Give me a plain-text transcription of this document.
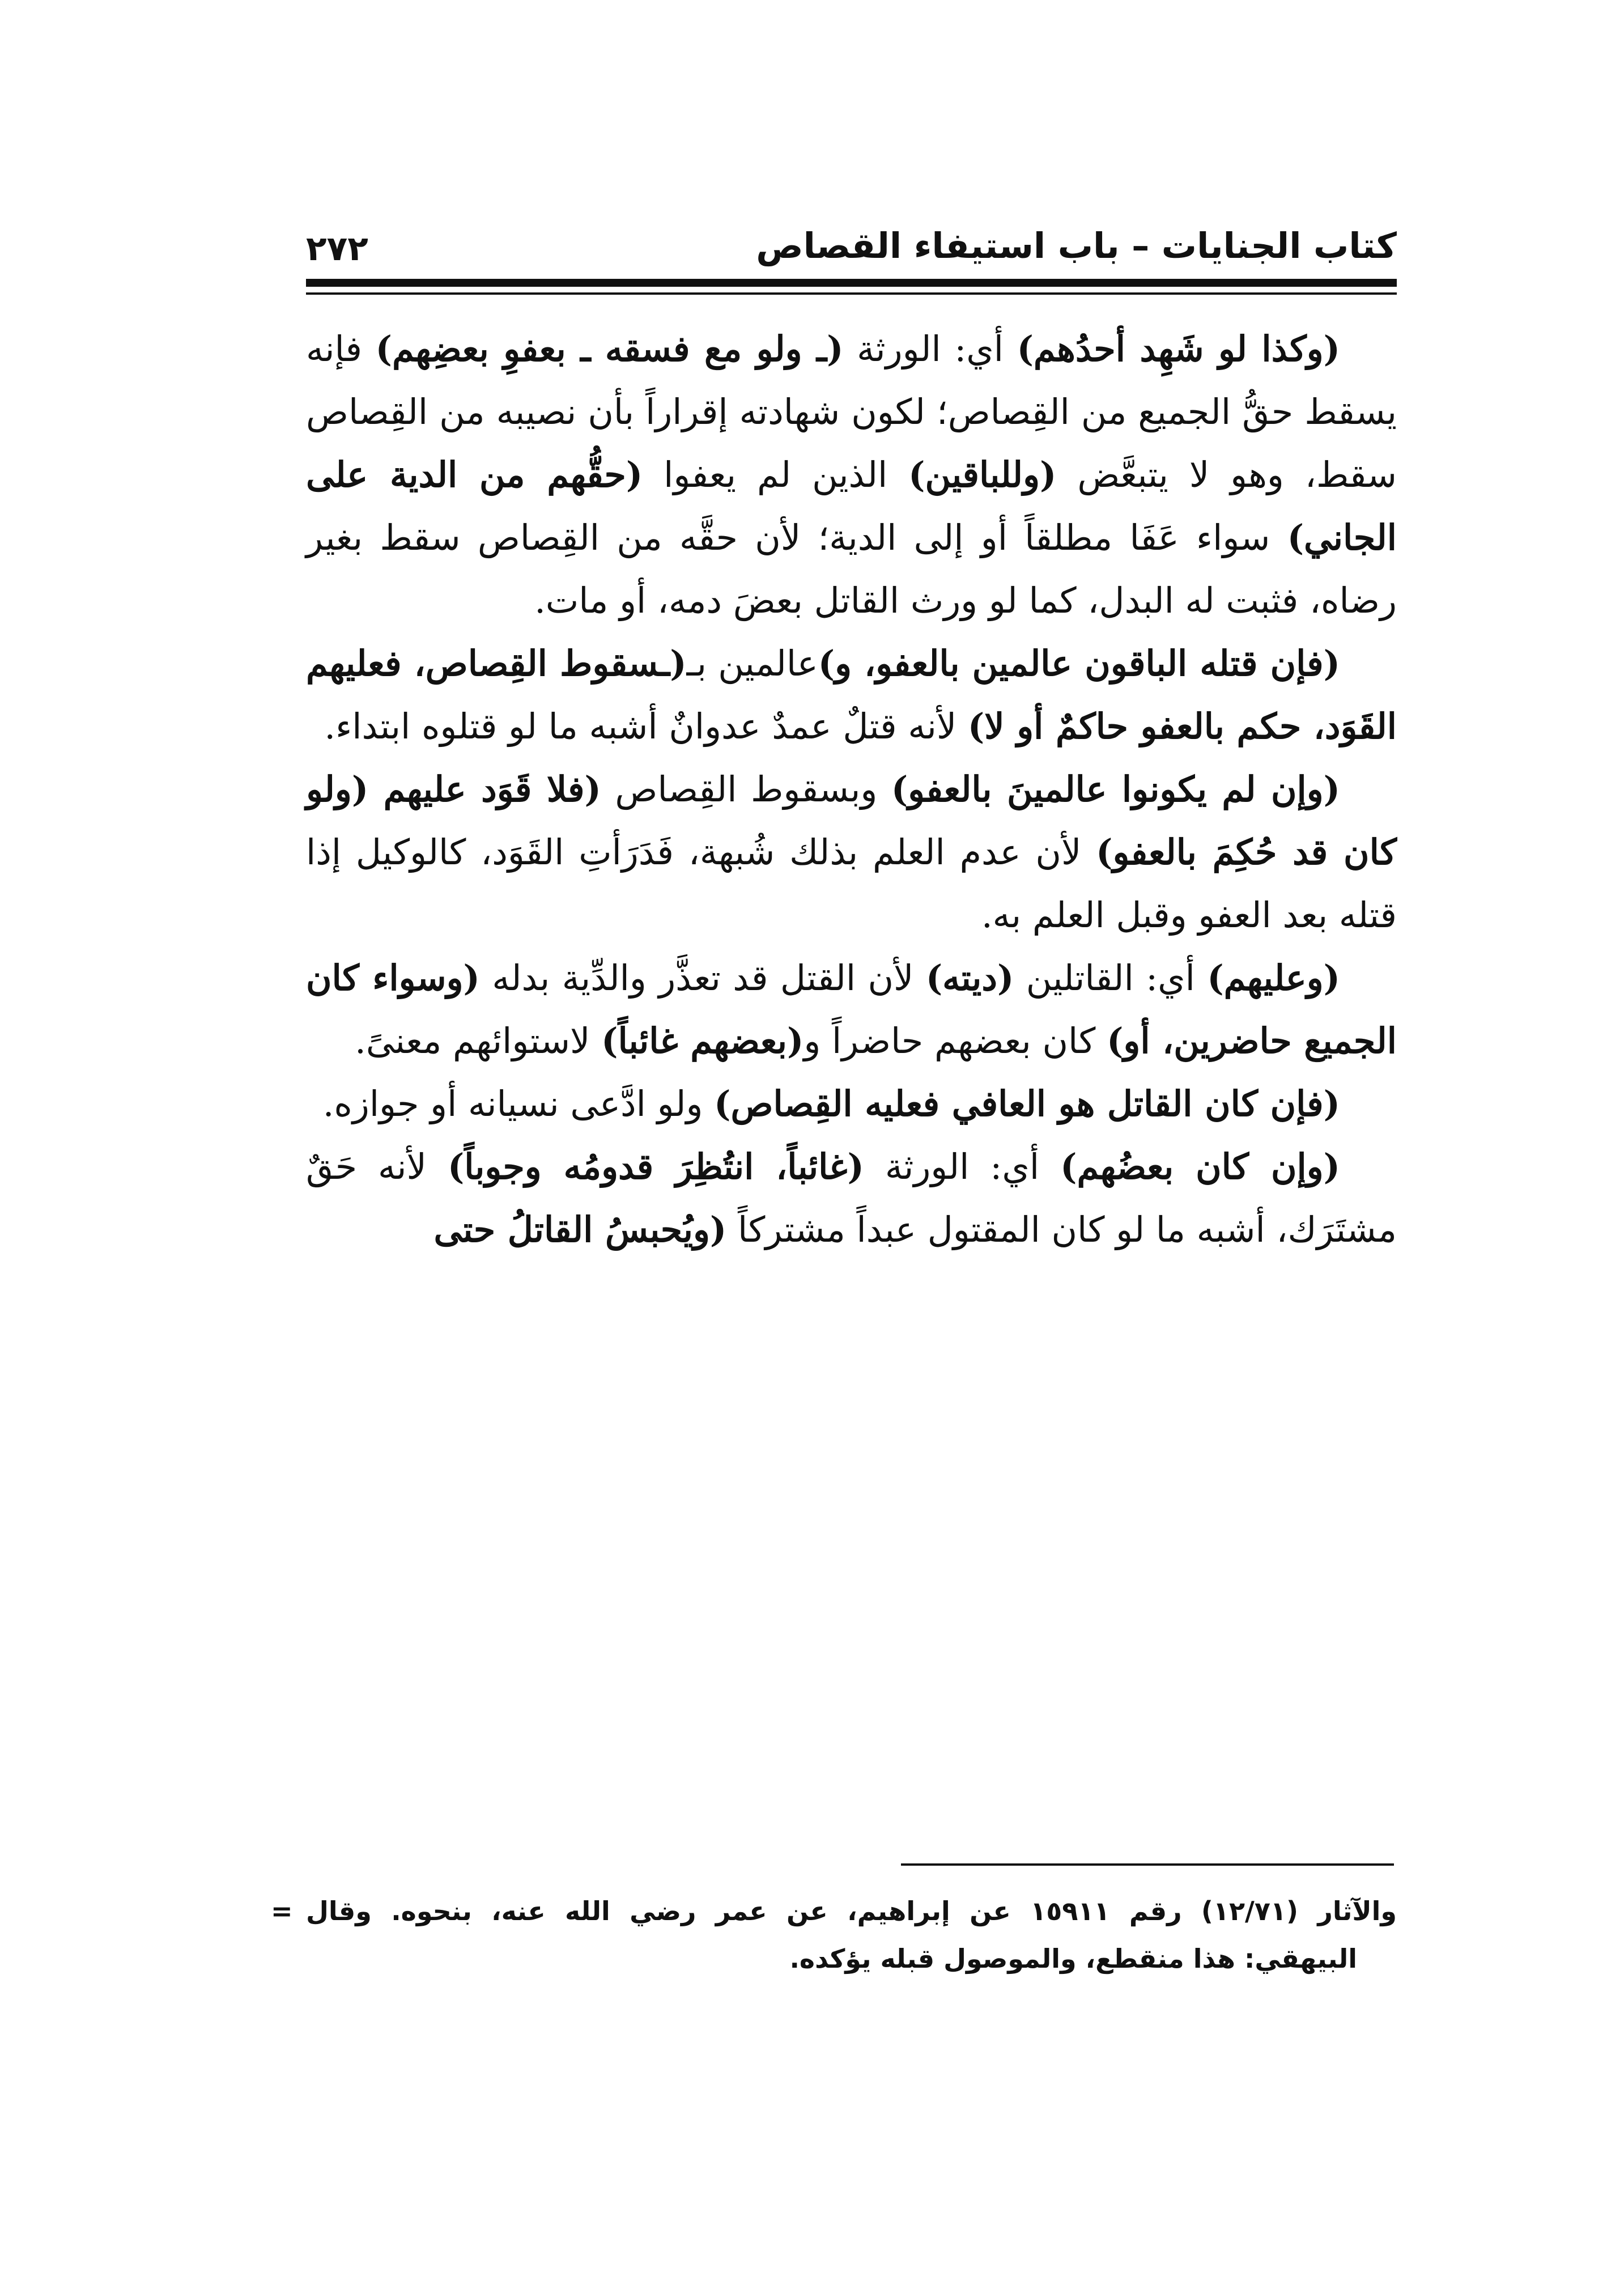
كتاب الجنايات – باب استيفاء القصاص
٢٧٢

(وكذا لو شَهِد أحدُهم) أي: الورثة (ـ ولو مع فسقه ـ بعفوِ بعضِهم) فإنه يسقط حقُّ الجميع من القِصاص؛ لكون شهادته إقراراً بأن نصيبه من القِصاص سقط، وهو لا يتبعَّض (وللباقين) الذين لم يعفوا (حقُّهم من الدية على الجاني) سواء عَفَا مطلقاً أو إلى الدية؛ لأن حقَّه من القِصاص سقط بغير رضاه، فثبت له البدل، كما لو ورث القاتل بعضَ دمه، أو مات.

(فإن قتله الباقون عالمين بالعفو، و)عالمين بـ(ـسقوط القِصاص، فعليهم القَوَد، حكم بالعفو حاكمٌ أو لا) لأنه قتلٌ عمدٌ عدوانٌ أشبه ما لو قتلوه ابتداء.

(وإن لم يكونوا عالمينَ بالعفو) وبسقوط القِصاص (فلا قَوَد عليهم (ولو كان قد حُكِمَ بالعفو) لأن عدم العلم بذلك شُبهة، فَدَرَأتِ القَوَد، كالوكيل إذا قتله بعد العفو وقبل العلم به.

(وعليهم) أي: القاتلين (ديته) لأن القتل قد تعذَّر والدِّية بدله (وسواء كان الجميع حاضرين، أو) كان بعضهم حاضراً و(بعضهم غائباً) لاستوائهم معنىً.

(فإن كان القاتل هو العافي فعليه القِصاص) ولو ادَّعى نسيانه أو جوازه.

(وإن كان بعضُهم) أي: الورثة (غائباً، انتُظِرَ قدومُه وجوباً) لأنه حَقٌ مشتَرَك، أشبه ما لو كان المقتول عبداً مشتركاً (ويُحبسُ القاتلُ حتى

= والآثار (١٢/٧١) رقم ١٥٩١١ عن إبراهيم، عن عمر رضي الله عنه، بنحوه. وقال
البيهقي: هذا منقطع، والموصول قبله يؤكده.
